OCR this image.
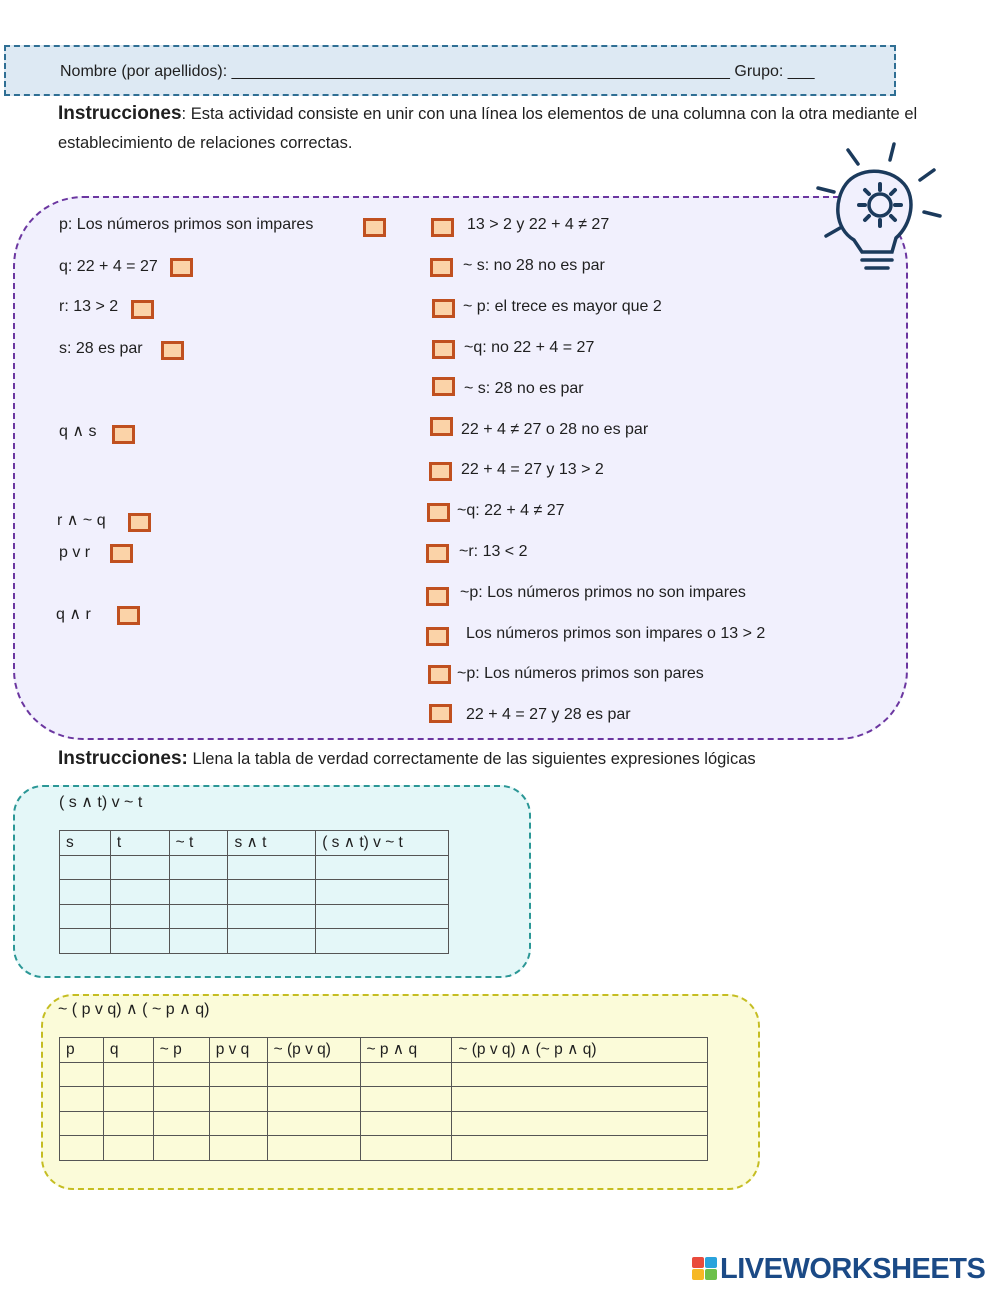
Nombre (por apellidos): ________________________________________________________ Grupo: ___
Instrucciones: Esta actividad consiste en unir con una línea los elementos de una columna con la otra mediante el establecimiento de relaciones correctas.
p: Los números primos son impares
q: 22 + 4 = 27
r: 13 > 2
s: 28 es par
q ∧ s
r ∧ ~ q
p v r
q ∧ r
13 > 2 y 22 + 4 ≠ 27
~ s: no 28 no es par
~ p: el trece es mayor que 2
~q: no 22 + 4 = 27
~ s: 28 no es par
22 + 4 ≠ 27 o 28 no es par
22 + 4 = 27 y 13 > 2
~q: 22 + 4 ≠ 27
~r: 13 < 2
~p: Los números primos no son impares
Los números primos son impares o 13 > 2
~p: Los números primos son pares
22 + 4 = 27 y 28 es par
Instrucciones: Llena la tabla de verdad correctamente de las siguientes expresiones lógicas
( s ∧ t) v ~ t
s	t	~ t	s ∧ t	( s ∧ t) v ~ t

~ ( p v q) ∧ ( ~ p ∧ q)
p	q	~ p	p v q	~ (p v q)	~ p ∧ q	~ (p v q) ∧ (~ p ∧ q)

LIVEWORKSHEETS
